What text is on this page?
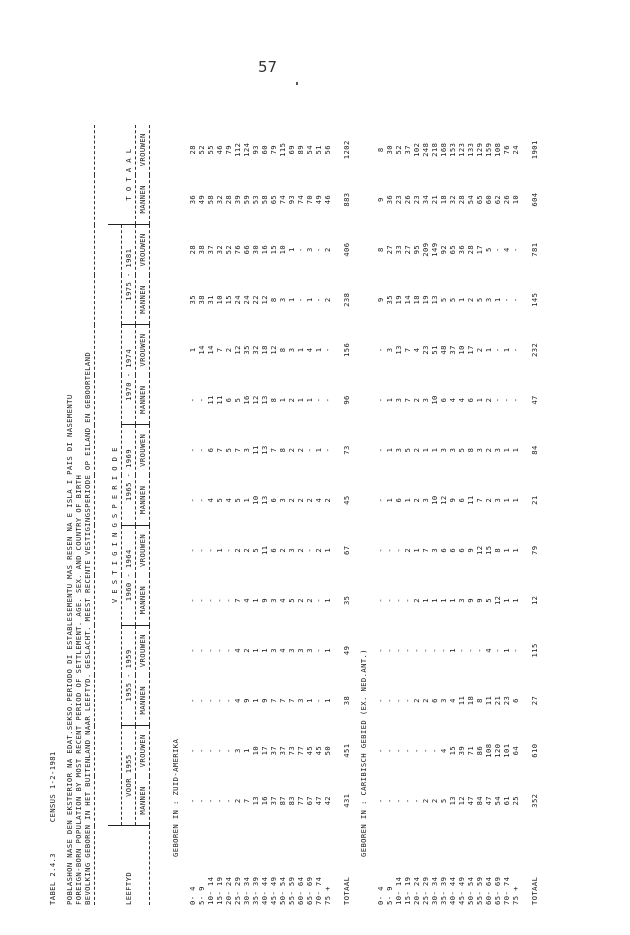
57
TABEL 2.4.3 CENSUS 1-2-1981 POBLASHON NASE DEN EKSTERIOR NA EDAT.SEKSO.PERIODO DI ESTABLESEMENTU MAS RESEN NA E ISLA I PAIS DI NASEMENTU FOREIGN-BORN POPULATION BY MOST RECENT PERIOD OF SETTLEMENT. AGE. SEX. AND COUNTRY OF BIRTH BEVOLKING GEBOREN IN HET BUITENLAND NAAR LEEFTYD. GESLACHT. MEEST RECENTE VESTIGINGSPERIODE OP EILAND EN GEBOORTELAND

		V E S T I G I N G S P E R I O D E													
LEEFTYD	VOOR 1955		1955 - 1959		1960 - 1964		1965 - 1969		1970 - 1974		1975 - 1981		T O T A A L	
	MANNEN	VROUWEN	MANNEN	VROUWEN	MANNEN	VROUWEN	MANNEN	VROUWEN	MANNEN	VROUWEN	MANNEN	VROUWEN	MANNEN	VROUWEN

GEBOREN IN : ZUID-AMERIKA														
0- 4	-	-	-	-	-	-	-	-	-	1	35	28	36	28
5- 9	-	-	-	-	-	-	-	-	-	14	38	38	49	52
10- 14	-	-	-	-	-	-	4	6	11	14	31	37	58	55
15- 19	-	-	-	-	-	1	5	7	11	7	10	32	32	46
20- 24	-	-	-	-	-	-	4	5	6	2	15	52	28	79
25- 29	2	3	4	4	7	2	5	7	5	12	24	76	39	112
30- 34	7	1	9	2	4	2	1	3	16	35	24	66	59	124
35- 39	13	10	1	1	1	5	10	11	12	32	22	30	53	93
40- 44	16	17	9	1	9	11	13	13	13	18	12	16	58	60
45- 49	37	37	7	3	3	6	6	7	8	12	8	15	65	79
50- 54	87	37	7	4	4	2	3	8	1	8	3	10	74	115
55- 59	83	73	7	3	5	3	2	2	2	3	1	1	93	69
60- 64	77	77	3	3	2	2	2	2	1	1	-	-	74	89
65- 69	67	45	1	3	2	-	2	-	1	4	1	3	70	54
70- 74	47	45	-	-	-	2	4	1	-	1	-	-	49	51
75 +	42	50	1	1	1	1	2	-	-	-	2	2	46	56
TOTAAL	431	451	38	49	35	67	45	73	96	156	238	406	883	1202
GEBOREN IN : CARIBISCH GEBIED (EX. NED.ANT.)														
0- 4	-	-	-	-	-	-	-	-	-	-	9	8	9	8
5- 9	-	-	-	-	-	-	1	1	1	3	35	27	36	30
10- 14	-	-	-	-	-	-	6	3	3	13	19	33	23	52
15- 19	-	-	-	-	-	2	1	5	7	7	14	27	26	37
20- 24	-	-	2	-	2	1	2	2	2	4	18	95	23	102
25- 29	2	-	2	-	1	7	3	1	3	23	19	209	34	248
30- 34	2	-	6	-	1	3	10	1	10	51	13	149	21	218
35- 39	5	4	3	-	1	6	12	3	6	48	5	92	18	168
40- 44	13	15	4	1	1	6	9	3	4	37	5	65	32	153
45- 49	12	39	11	-	3	6	6	5	4	10	1	36	28	123
50- 54	47	71	18	-	9	9	11	8	6	17	2	28	54	133
55- 59	84	86	8	-	9	12	7	3	1	2	5	17	65	129
60- 64	47	108	11	4	5	15	2	2	2	1	3	5	60	159
65- 69	54	120	21	-	12	8	3	3	-	-	1	-	62	108
70- 74	61	101	23	1	1	1	1	1	-	1	-	4	26	76
75 +	25	64	6	-	1	1	1	1	-	-	-	-	10	24
TOTAAL	352	610	27	115	12	79	21	84	47	232	145	781	604	1901
